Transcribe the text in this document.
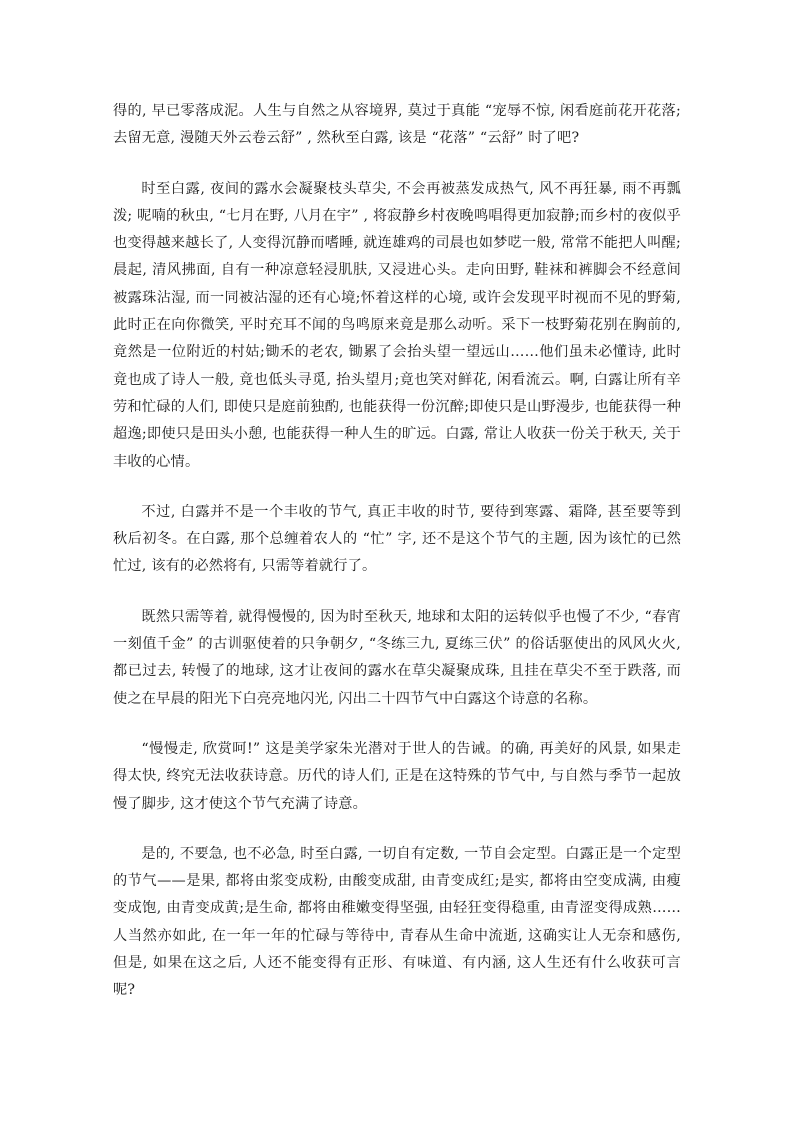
得的, 早已零落成泥。人生与自然之从容境界, 莫过于真能 “宠辱不惊, 闲看庭前花开花落;去留无意, 漫随天外云卷云舒” , 然秋至白露, 该是 “花落” “云舒” 时了吧?

时至白露, 夜间的露水会凝聚枝头草尖, 不会再被蒸发成热气, 风不再狂暴, 雨不再瓢泼; 呢喃的秋虫, “七月在野, 八月在宇” , 将寂静乡村夜晚鸣唱得更加寂静;而乡村的夜似乎也变得越来越长了, 人变得沉静而嗜睡, 就连雄鸡的司晨也如梦呓一般, 常常不能把人叫醒; 晨起, 清风拂面, 自有一种凉意轻浸肌肤, 又浸进心头。走向田野, 鞋袜和裤脚会不经意间被露珠沾湿, 而一同被沾湿的还有心境;怀着这样的心境, 或许会发现平时视而不见的野菊, 此时正在向你微笑, 平时充耳不闻的鸟鸣原来竟是那么动听。采下一枝野菊花别在胸前的, 竟然是一位附近的村姑;锄禾的老农, 锄累了会抬头望一望远山……他们虽未必懂诗, 此时竟也成了诗人一般, 竟也低头寻觅, 抬头望月;竟也笑对鲜花, 闲看流云。啊, 白露让所有辛劳和忙碌的人们, 即使只是庭前独酌, 也能获得一份沉醉;即使只是山野漫步, 也能获得一种超逸;即使只是田头小憩, 也能获得一种人生的旷远。白露, 常让人收获一份关于秋天, 关于丰收的心情。

不过, 白露并不是一个丰收的节气, 真正丰收的时节, 要待到寒露、霜降, 甚至要等到秋后初冬。在白露, 那个总缠着农人的 “忙” 字, 还不是这个节气的主题, 因为该忙的已然忙过, 该有的必然将有, 只需等着就行了。

既然只需等着, 就得慢慢的, 因为时至秋天, 地球和太阳的运转似乎也慢了不少, “春宵一刻值千金” 的古训驱使着的只争朝夕, “冬练三九, 夏练三伏” 的俗话驱使出的风风火火, 都已过去, 转慢了的地球, 这才让夜间的露水在草尖凝聚成珠, 且挂在草尖不至于跌落, 而使之在早晨的阳光下白亮亮地闪光, 闪出二十四节气中白露这个诗意的名称。

“慢慢走, 欣赏呵!” 这是美学家朱光潜对于世人的告诫。的确, 再美好的风景, 如果走得太快, 终究无法收获诗意。历代的诗人们, 正是在这特殊的节气中, 与自然与季节一起放慢了脚步, 这才使这个节气充满了诗意。

是的, 不要急, 也不必急, 时至白露, 一切自有定数, 一节自会定型。白露正是一个定型的节气——是果, 都将由浆变成粉, 由酸变成甜, 由青变成红;是实, 都将由空变成满, 由瘦变成饱, 由青变成黄;是生命, 都将由稚嫩变得坚强, 由轻狂变得稳重, 由青涩变得成熟……人当然亦如此, 在一年一年的忙碌与等待中, 青春从生命中流逝, 这确实让人无奈和感伤, 但是, 如果在这之后, 人还不能变得有正形、有味道、有内涵, 这人生还有什么收获可言呢?
